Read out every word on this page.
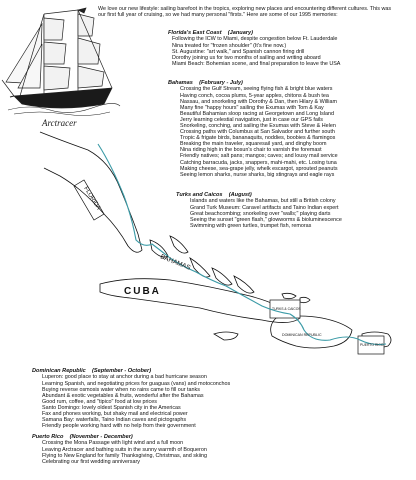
We love our new lifestyle: sailing barefoot in the tropics, exploring new places and encountering different cultures. This was our first full year of cruising, so we had many personal "firsts." Here are some of our 1995 memories:
FLORIDA
BAHAMAS
CUBA
TURKS & CAICOS
DOMINICAN REPUBLIC
PUERTO RICO
Arctracer
Florida's East Coast (January)
Following the ICW to Miami, despite congestion below Ft. Lauderdale
Nina treated for "frozen shoulder" (It's fine now.)
St. Augustine: "art walk," and Spanish cannon firing drill
Dorothy joining us for two months of sailing and writing aboard
Miami Beach: Bohemian scene, and final preparation to leave the USA
Bahamas (February - July)
Crossing the Gulf Stream, seeing flying fish & bright blue waters
Having conch, cocoa plums, 5-year apples, chitons & bush tea
Nassau, and snorkeling with Dorothy & Dan, then Hilary & William
Many fine "happy hours" sailing the Exumas with Tom & Kay
Beautiful Bahamian sloop racing at Georgetown and Long Island
Jerry learning celestial navigation, just in case our GPS fails
Snorkeling, conching, and sailing the Exumas with Steve & Helen
Crossing paths with Columbus at San Salvador and further south
Tropic & frigate birds, bananaquits, noddies, boobies & flamingos
Breaking the main traveler, squaresail yard, and dinghy boom
Nina riding high in the bosun's chair to varnish the foremast
Friendly natives; salt pans; mangos; caves; and lousy mail service
Catching barracuda, jacks, snappers, mahi-mahi, etc. Losing tuna
Making cheese, sea-grape jelly, whelk escargot, sprouted peanuts
Seeing lemon sharks, nurse sharks, big stingrays and eagle rays
Turks and Caicos (August)
Islands and waters like the Bahamas, but still a British colony
Grand Turk Museum: Caravel artifacts and Taino Indian expert
Great beachcombing; snorkeling over "walls;" playing darts
Seeing the sunset "green flash," glowworms & bioluminescence
Swimming with green turtles, trumpet fish, remoras
Dominican Republic (September - October)
Luperon: good place to stay at anchor during a bad hurricane season
Learning Spanish, and negotiating prices for guaguas (vans) and motoconchos
Buying reverse osmosis water when no rains came to fill our tanks
Abundant & exotic vegetables & fruits, wonderful after the Bahamas
Good rum, coffee, and "tipico" food at low prices
Santo Domingo: lovely oldest Spanish city in the Americas
Fax and phones working, but shaky mail and electrical power
Samana Bay: waterfalls, Taino Indian caves and pictographs
Friendly people working hard with no help from their government
Puerto Rico (November - December)
Crossing the Mona Passage with light wind and a full moon
Leaving Arctracer and bathing suits in the sunny warmth of Boqueron
Flying to New England for family Thanksgiving, Christmas, and skiing
Celebrating our first wedding anniversary
